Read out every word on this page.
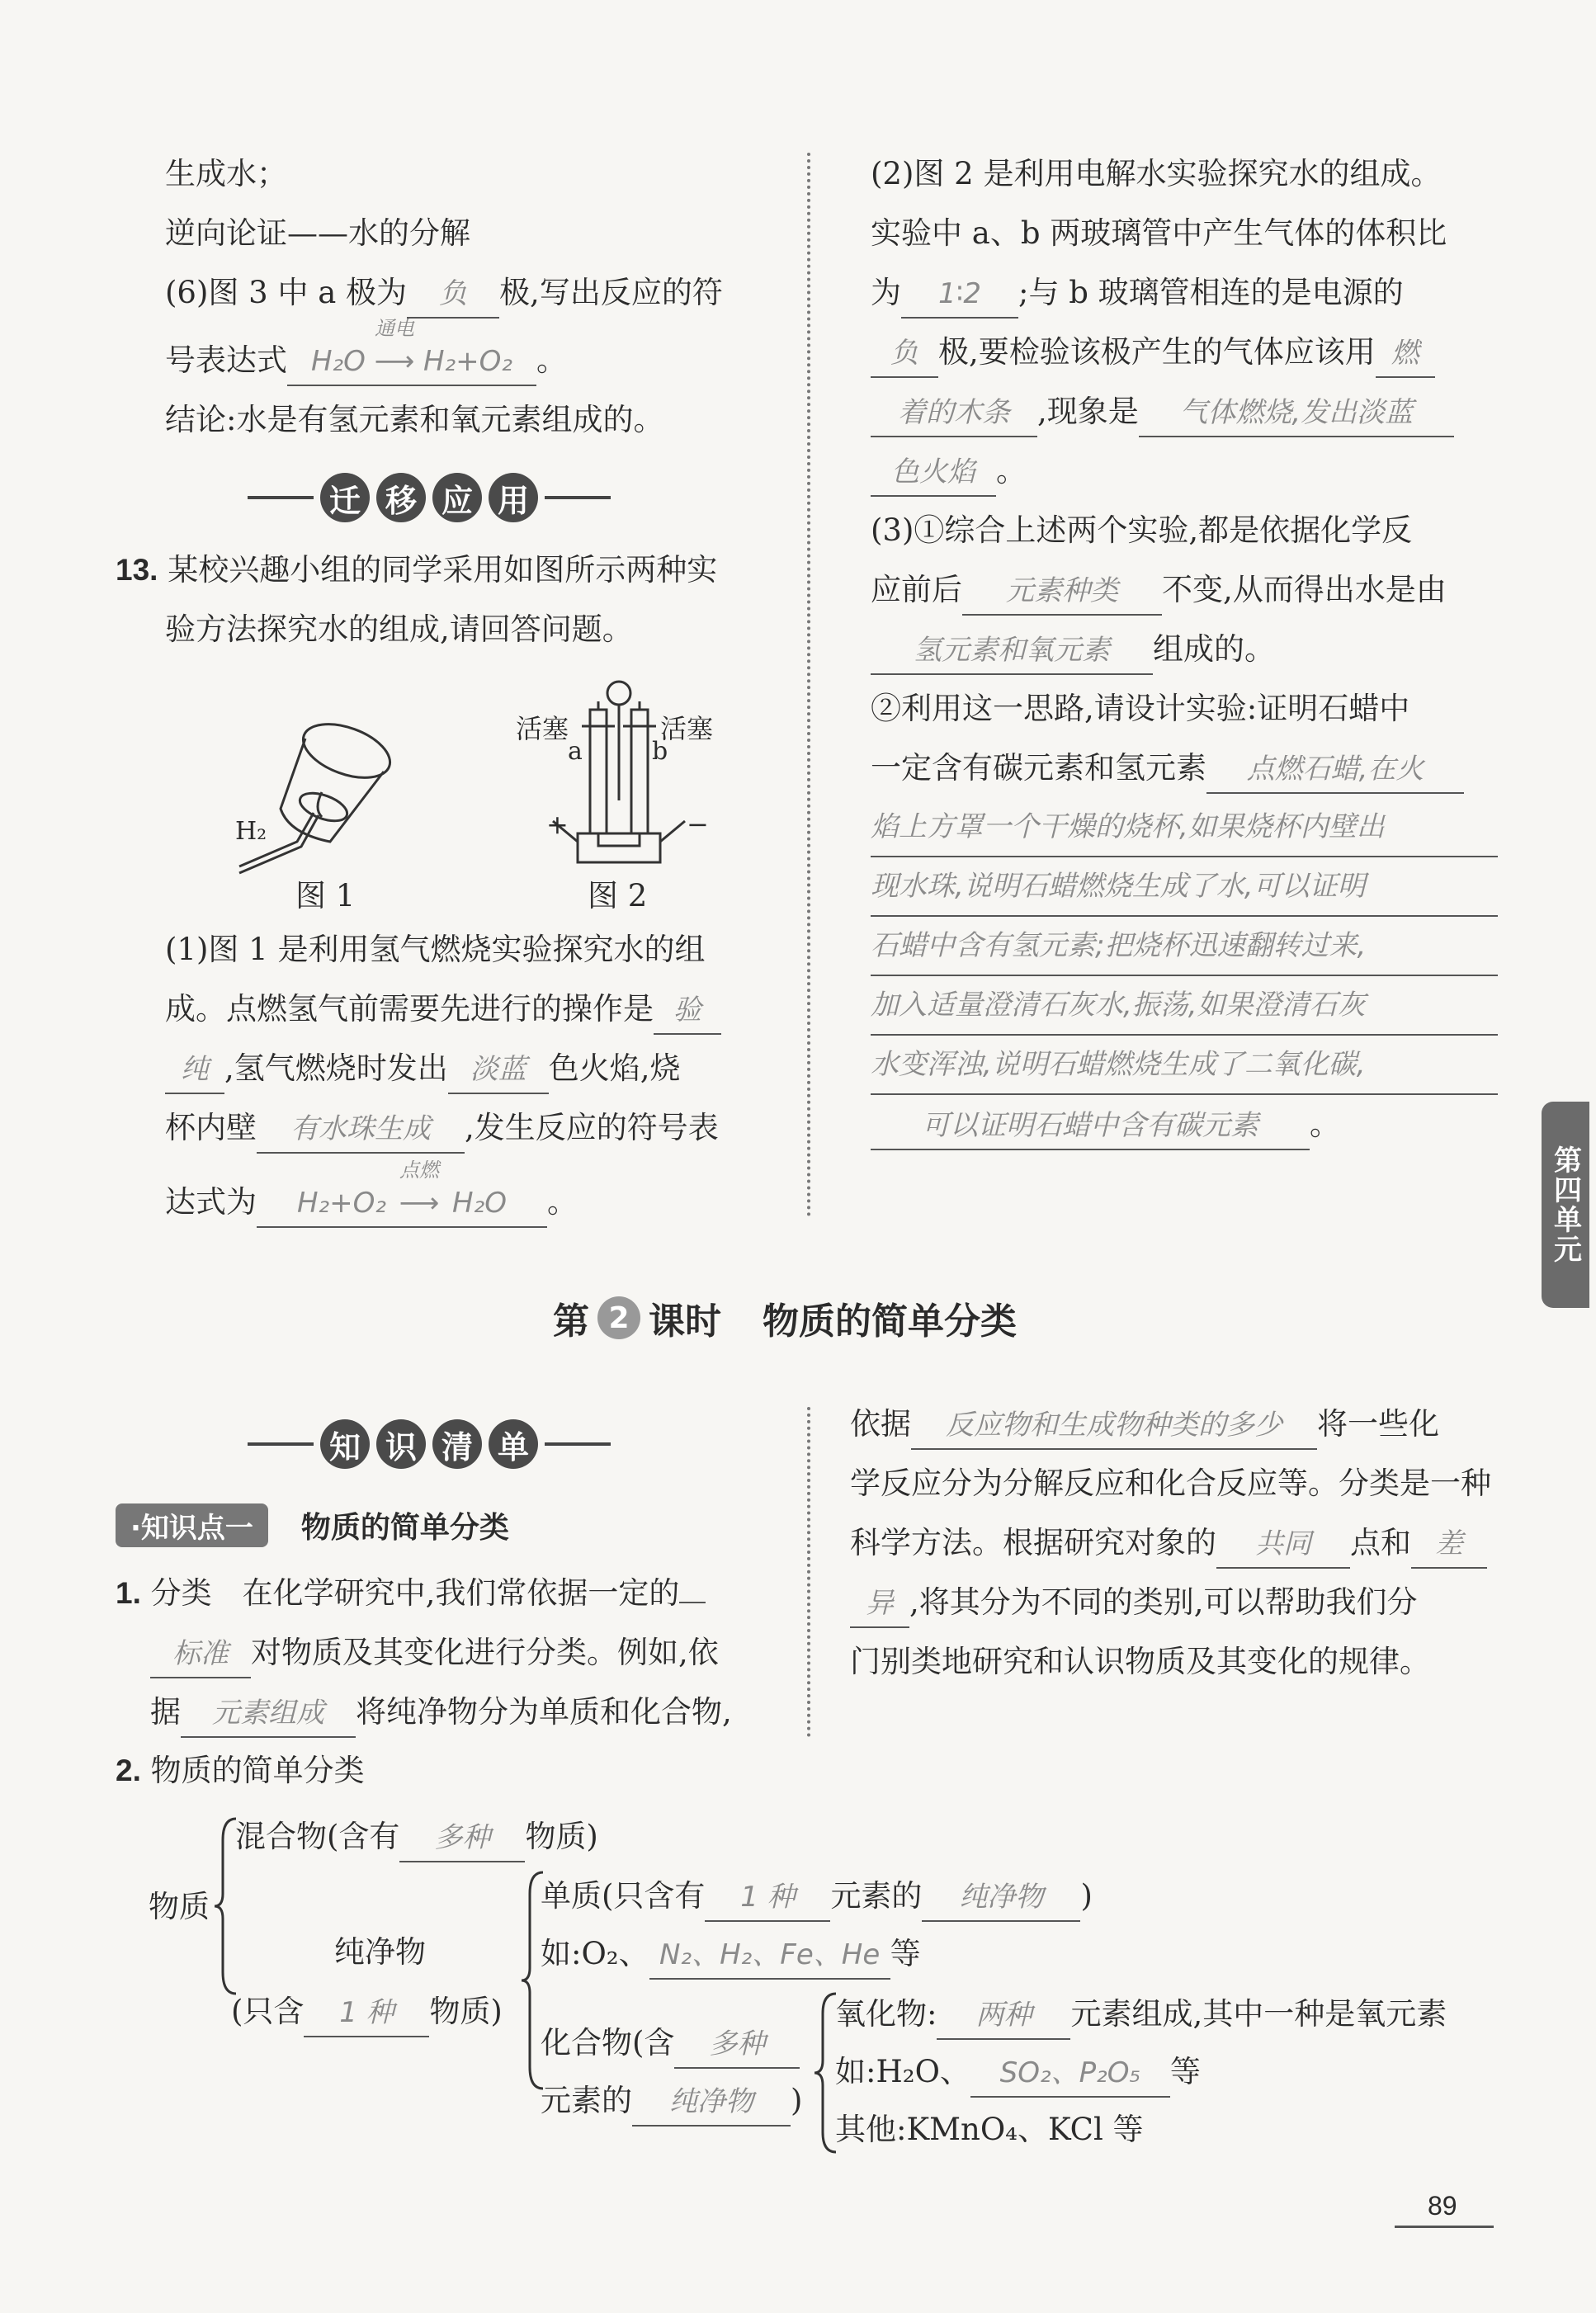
生成水；

逆向论证——水的分解

(6)图 3 中 a 极为 负 极,写出反应的符

号表达式 H₂O
通电
⟶ H₂+O₂ 。

结论:水是有氢元素和氧元素组成的。

迁 移 应 用

13. 某校兴趣小组的同学采用如图所示两种实

验方法探究水的组成,请回答问题。

H₂
图 1
活塞	活塞
a	b
+	−
图 2

(1)图 1 是利用氢气燃烧实验探究水的组

成。点燃氢气前需要先进行的操作是 验

纯 ,氢气燃烧时发出 淡蓝 色火焰,烧

杯内壁 有水珠生成 ,发生反应的符号表

达式为 H₂+O₂
点燃
⟶ H₂O 。

(2)图 2 是利用电解水实验探究水的组成。

实验中 a、b 两玻璃管中产生气体的体积比

为 1∶2 ;与 b 玻璃管相连的是电源的

负 极,要检验该极产生的气体应该用 燃

着的木条 ,现象是 气体燃烧,发出淡蓝

色火焰 。

(3)①综合上述两个实验,都是依据化学反

应前后 元素种类 不变,从而得出水是由

氢元素和氧元素 组成的。

②利用这一思路,请设计实验:证明石蜡中

一定含有碳元素和氢元素 点燃石蜡,在火

焰上方罩一个干燥的烧杯,如果烧杯内壁出
现水珠,说明石蜡燃烧生成了水,可以证明
石蜡中含有氢元素;把烧杯迅速翻转过来,
加入适量澄清石灰水,振荡,如果澄清石灰
水变浑浊,说明石蜡燃烧生成了二氧化碳,

可以证明石蜡中含有碳元素 。

第四单元
第 2 课时 物质的简单分类
知 识 清 单
·知识点一	物质的简单分类

1. 分类　在化学研究中,我们常依据一定的

标准 对物质及其变化进行分类。例如,依

据 元素组成 将纯净物分为单质和化合物,

依据 反应物和生成物种类的多少 将一些化

学反应分为分解反应和化合反应等。分类是一种

科学方法。根据研究对象的 共同 点和 差

异 ,将其分为不同的类别,可以帮助我们分

门别类地研究和认识物质及其变化的规律。

2. 物质的简单分类

物质
混合物(含有 多种 物质)
纯净物
(只含 1 种 物质)
单质(只含有 1 种 元素的 纯净物 )
如:O₂、 N₂、H₂、Fe、He 等
化合物(含 多种
元素的 纯净物 )
氧化物: 两种 元素组成,其中一种是氧元素
如:H₂O、 SO₂、P₂O₅ 等
其他:KMnO₄、KCl 等
89
